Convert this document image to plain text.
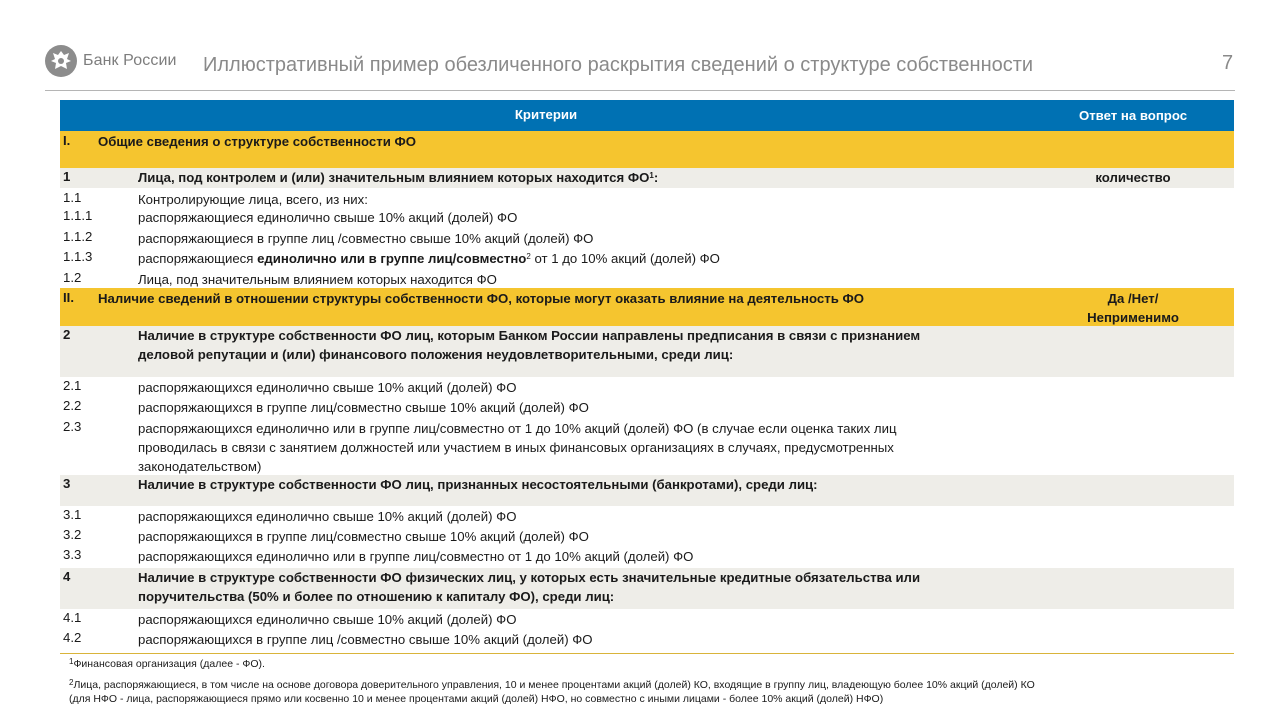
Банк России Иллюстративный пример обезличенного раскрытия сведений о структуре собственности	7
Критерии	Ответ на вопрос
I. Общие сведения о структуре собственности ФО
1	Лица, под контролем и (или) значительным влиянием которых находится $ФО^1$:	количество
1.1	Контролирующие лица, всего, из них:
1.1.1	распоряжающиеся единолично свыше 10% акций (долей) ФО
1.1.2	распоряжающиеся в группе лиц /совместно свыше 10% акций (долей) ФО
1.1.3	распоряжающиеся единолично или в группе лиц/совместно$^2$ от 1 до 10% акций (долей) ФО
1.2	Лица, под значительным влиянием которых находится ФО
II. Наличие сведений в отношении структуры собственности ФО, которые могут оказать влияние на деятельность ФО	Да /Нет/
Неприменимо
2	Наличие в структуре собственности ФО лиц, которым Банком России направлены предписания в связи с признанием
деловой репутации и (или) финансового положения неудовлетворительными, среди лиц:
2.1	распоряжающихся единолично свыше 10% акций (долей) ФО
2.2	распоряжающихся в группе лиц/совместно свыше 10% акций (долей) ФО
2.3	распоряжающихся единолично или в группе лиц/совместно от 1 до 10% акций (долей) ФО (в случае если оценка таких лиц
проводилась в связи с занятием должностей или участием в иных финансовых организациях в случаях, предусмотренных
законодательством)
3	Наличие в структуре собственности ФО лиц, признанных несостоятельными (банкротами), среди лиц:
3.1	распоряжающихся единолично свыше 10% акций (долей) ФО
3.2	распоряжающихся в группе лиц/совместно свыше 10% акций (долей) ФО
3.3	распоряжающихся единолично или в группе лиц/совместно от 1 до 10% акций (долей) ФО
4	Наличие в структуре собственности ФО физических лиц, у которых есть значительные кредитные обязательства или
поручительства (50% и более по отношению к капиталу ФО), среди лиц:
4.1	распоряжающихся единолично свыше 10% акций (долей) ФО
4.2	распоряжающихся в группе лиц /совместно свыше 10% акций (долей) ФО
$^1$Финансовая организация (далее - ФО).
$^2$Лица, распоряжающиеся, в том числе на основе договора доверительного управления, 10 и менее процентами акций (долей) КО, входящие в группу лиц, владеющую более 10% акций (долей) КО
(для НФО - лица, распоряжающиеся прямо или косвенно 10 и менее процентами акций (долей) НФО, но совместно с иными лицами - более 10% акций (долей) НФО)
